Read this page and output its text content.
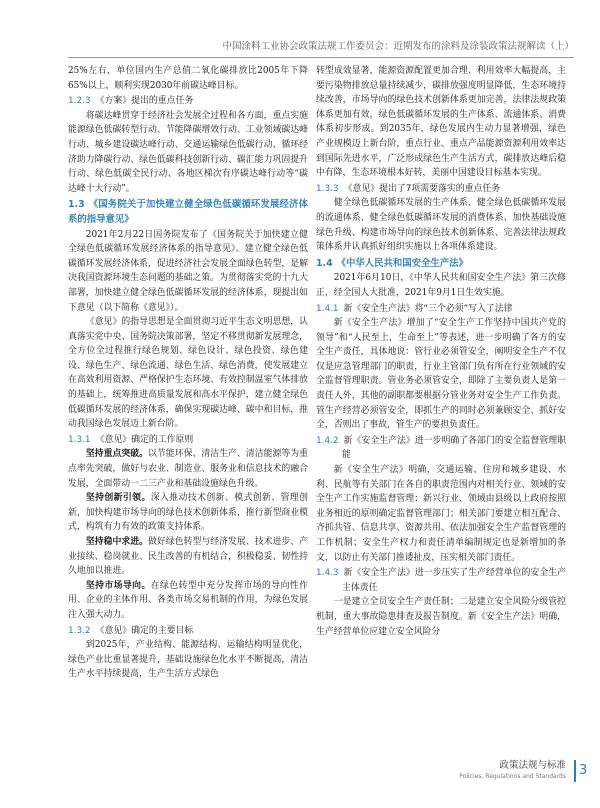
中国涂料工业协会政策法规工作委员会：近期发布的涂料及涂装政策法规解读（上）

25%左右，单位国内生产总值二氧化碳排放比2005年下降65%以上，顺利实现2030年前碳达峰目标。

1.2.3 《方案》提出的重点任务

将碳达峰贯穿于经济社会发展全过程和各方面，重点实施能源绿色低碳转型行动、节能降碳增效行动、工业领域碳达峰行动、城乡建设碳达峰行动、交通运输绿色低碳行动、循环经济助力降碳行动、绿色低碳科技创新行动、碳汇能力巩固提升行动、绿色低碳全民行动、各地区梯次有序碳达峰行动等“碳达峰十大行动”。

1.3 《国务院关于加快建立健全绿色低碳循环发展经济体系的指导意见》

2021年2月22日国务院发布了《国务院关于加快建立健全绿色低碳循环发展经济体系的指导意见》。建立健全绿色低碳循环发展经济体系，促进经济社会发展全面绿色转型，是解决我国资源环境生态问题的基础之策。为贯彻落实党的十九大部署，加快建立健全绿色低碳循环发展的经济体系，现提出如下意见（以下简称《意见》）。

《意见》的指导思想是全面贯彻习近平生态文明思想，认真落实党中央、国务院决策部署，坚定不移贯彻新发展理念，全方位全过程推行绿色规划、绿色设计、绿色投资、绿色建设、绿色生产、绿色流通、绿色生活、绿色消费，使发展建立在高效利用资源、严格保护生态环境、有效控制温室气体排放的基础上，统筹推进高质量发展和高水平保护，建立健全绿色低碳循环发展的经济体系，确保实现碳达峰、碳中和目标，推动我国绿色发展迈上新台阶。

1.3.1 《意见》确定的工作原则

坚持重点突破。以节能环保、清洁生产、清洁能源等为重点率先突破，做好与农业、制造业、服务业和信息技术的融合发展，全面带动一二三产业和基础设施绿色升级。

坚持创新引领。深入推动技术创新、模式创新、管理创新，加快构建市场导向的绿色技术创新体系，推行新型商业模式，构筑有力有效的政策支持体系。

坚持稳中求进。做好绿色转型与经济发展、技术进步、产业接续、稳岗就业、民生改善的有机结合，积极稳妥、韧性持久地加以推进。

坚持市场导向。在绿色转型中充分发挥市场的导向性作用、企业的主体作用、各类市场交易机制的作用，为绿色发展注入强大动力。

1.3.2 《意见》确定的主要目标

到2025年，产业结构、能源结构、运输结构明显优化，绿色产业比重显著提升，基础设施绿色化水平不断提高，清洁生产水平持续提高，生产生活方式绿色

转型成效显著，能源资源配置更加合理、利用效率大幅提高，主要污染物排放总量持续减少，碳排放强度明显降低，生态环境持续改善，市场导向的绿色技术创新体系更加完善，法律法规政策体系更加有效，绿色低碳循环发展的生产体系、流通体系、消费体系初步形成。到2035年，绿色发展内生动力显著增强，绿色产业规模迈上新台阶，重点行业、重点产品能源资源利用效率达到国际先进水平，广泛形成绿色生产生活方式，碳排放达峰后稳中有降，生态环境根本好转，美丽中国建设目标基本实现。

1.3.3 《意见》提出了7项需要落实的重点任务

健全绿色低碳循环发展的生产体系、健全绿色低碳循环发展的流通体系、健全绿色低碳循环发展的消费体系、加快基础设施绿色升级、构建市场导向的绿色技术创新体系、完善法律法规政策体系并认真抓好组织实施以上各项体系建设。

1.4 《中华人民共和国安全生产法》

2021年6月10日，《中华人民共和国安全生产法》第三次修正，经全国人大批准，2021年9月1日生效实施。

1.4.1 新《安全生产法》将“三个必须”写入了法律

新《安全生产法》增加了“安全生产工作坚持中国共产党的领导”和“人民至上，生命至上”等表述，进一步明确了各方的安全生产责任，具体地说：管行业必须管安全，阐明安全生产不仅仅是应急管理部门的职责，行业主管部门负有所在行业领域的安全监督管理职责。管业务必须管安全，即除了主要负责人是第一责任人外，其他的副职都要根据分管业务对安全生产工作负责。管生产经营必须管安全，即抓生产的同时必须兼顾安全、抓好安全，否则出了事故，管生产的要担负责任。

1.4.2 新《安全生产法》进一步明确了各部门的安全监督管理职能

新《安全生产法》明确，交通运输、住房和城乡建设、水利、民航等有关部门在各自的职责范围内对相关行业、领域的安全生产工作实施监督管理；新兴行业、领域由县级以上政府按照业务相近的原则确定监督管理部门；相关部门要建立相互配合、齐抓共管、信息共享、资源共用、依法加强安全生产监督管理的工作机制；安全生产权力和责任清单编制规定也是新增加的条文，以防止有关部门推诿扯皮，压实相关部门责任。

1.4.3 新《安全生产法》进一步压实了生产经营单位的安全生产主体责任

一是建立全员安全生产责任制；二是建立安全风险分级管控机制，重大事故隐患排查及报告制度。新《安全生产法》明确，生产经营单位应建立安全风险分

政策法规与标准
Policies, Regulations and Standards	3
